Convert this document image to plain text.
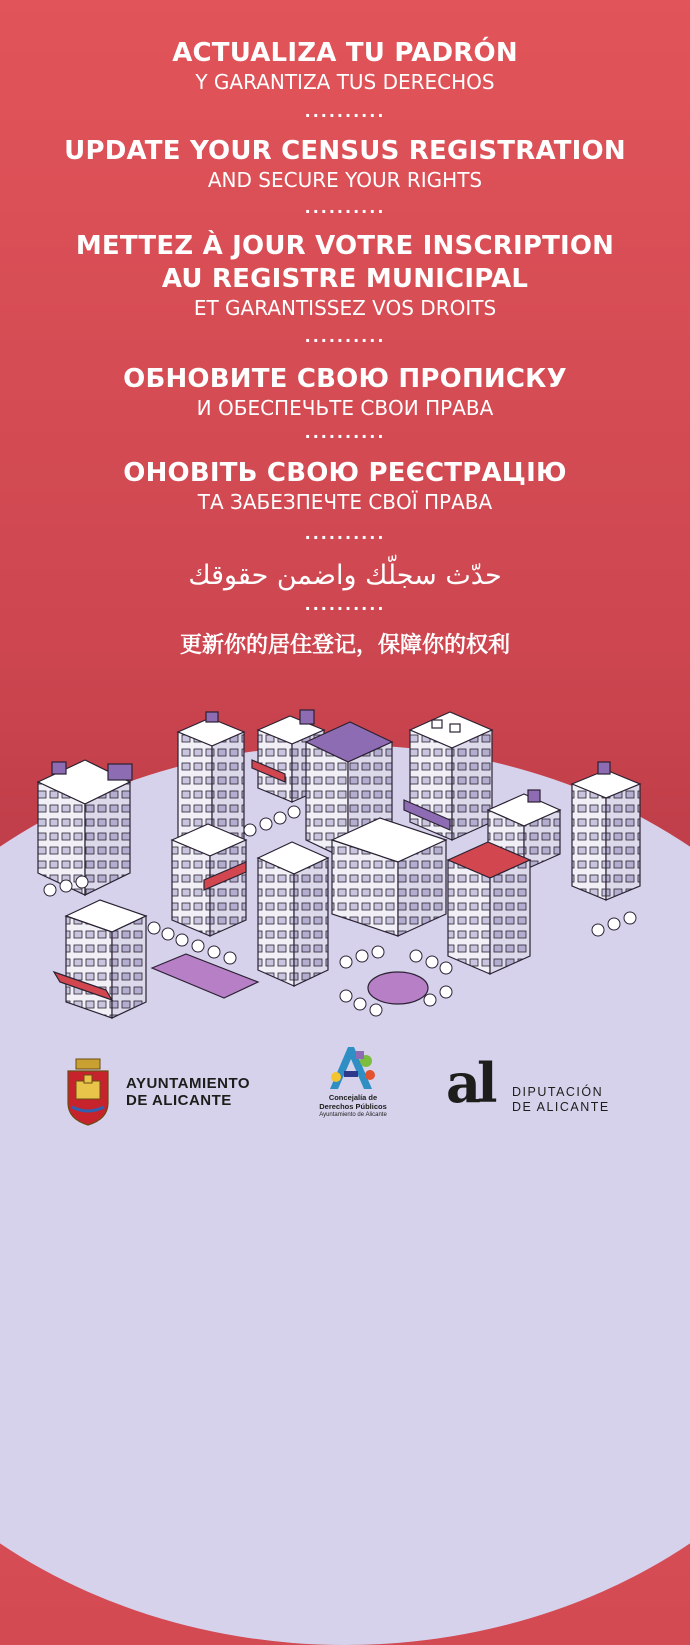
ACTUALIZA TU PADRÓN
Y GARANTIZA TUS DERECHOS
··········
UPDATE YOUR CENSUS REGISTRATION
AND SECURE YOUR RIGHTS
··········
METTEZ À JOUR VOTRE INSCRIPTION
AU REGISTRE MUNICIPAL
ET GARANTISSEZ VOS DROITS
··········
ОБНОВИТЕ СВОЮ ПРОПИСКУ
И ОБЕСПЕЧЬТЕ СВОИ ПРАВА
··········
ОНОВІТЬ СВОЮ РЕЄСТРАЦІЮ
ТА ЗАБЕЗПЕЧТЕ СВОЇ ПРАВА
··········
حدّث سجلّك واضمن حقوقك
··········
更新你的居住登记，保障你的权利
AYUNTAMIENTO
DE ALICANTE	Concejalía de
Derechos Públicos
Ayuntamiento de Alicante	al DIPUTACIÓN
DE ALICANTE
